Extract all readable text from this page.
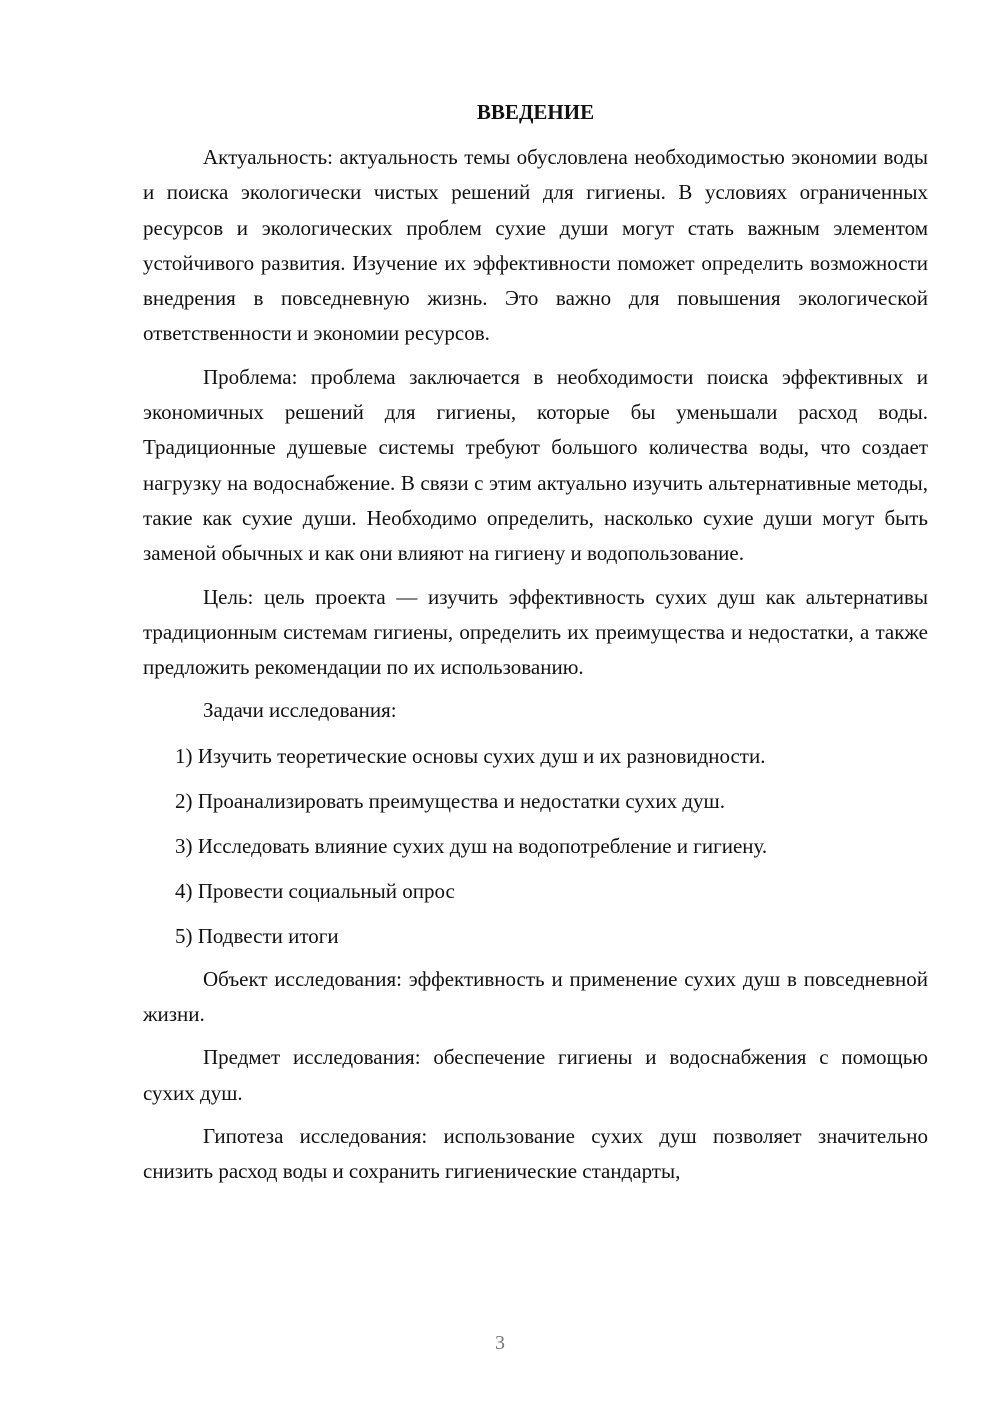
ВВЕДЕНИЕ

Актуальность: актуальность темы обусловлена необходимостью экономии воды и поиска экологически чистых решений для гигиены. В условиях ограниченных ресурсов и экологических проблем сухие души могут стать важным элементом устойчивого развития. Изучение их эффективности поможет определить возможности внедрения в повседневную жизнь. Это важно для повышения экологической ответственности и экономии ресурсов.

Проблема: проблема заключается в необходимости поиска эффективных и экономичных решений для гигиены, которые бы уменьшали расход воды. Традиционные душевые системы требуют большого количества воды, что создает нагрузку на водоснабжение. В связи с этим актуально изучить альтернативные методы, такие как сухие души. Необходимо определить, насколько сухие души могут быть заменой обычных и как они влияют на гигиену и водопользование.

Цель: цель проекта — изучить эффективность сухих душ как альтернативы традиционным системам гигиены, определить их преимущества и недостатки, а также предложить рекомендации по их использованию.

Задачи исследования:

1) Изучить теоретические основы сухих душ и их разновидности.

2) Проанализировать преимущества и недостатки сухих душ.

3) Исследовать влияние сухих душ на водопотребление и гигиену.

4) Провести социальный опрос

5) Подвести итоги

Объект исследования: эффективность и применение сухих душ в повседневной жизни.

Предмет исследования: обеспечение гигиены и водоснабжения с помощью сухих душ.

Гипотеза исследования: использование сухих душ позволяет значительно снизить расход воды и сохранить гигиенические стандарты,

3
